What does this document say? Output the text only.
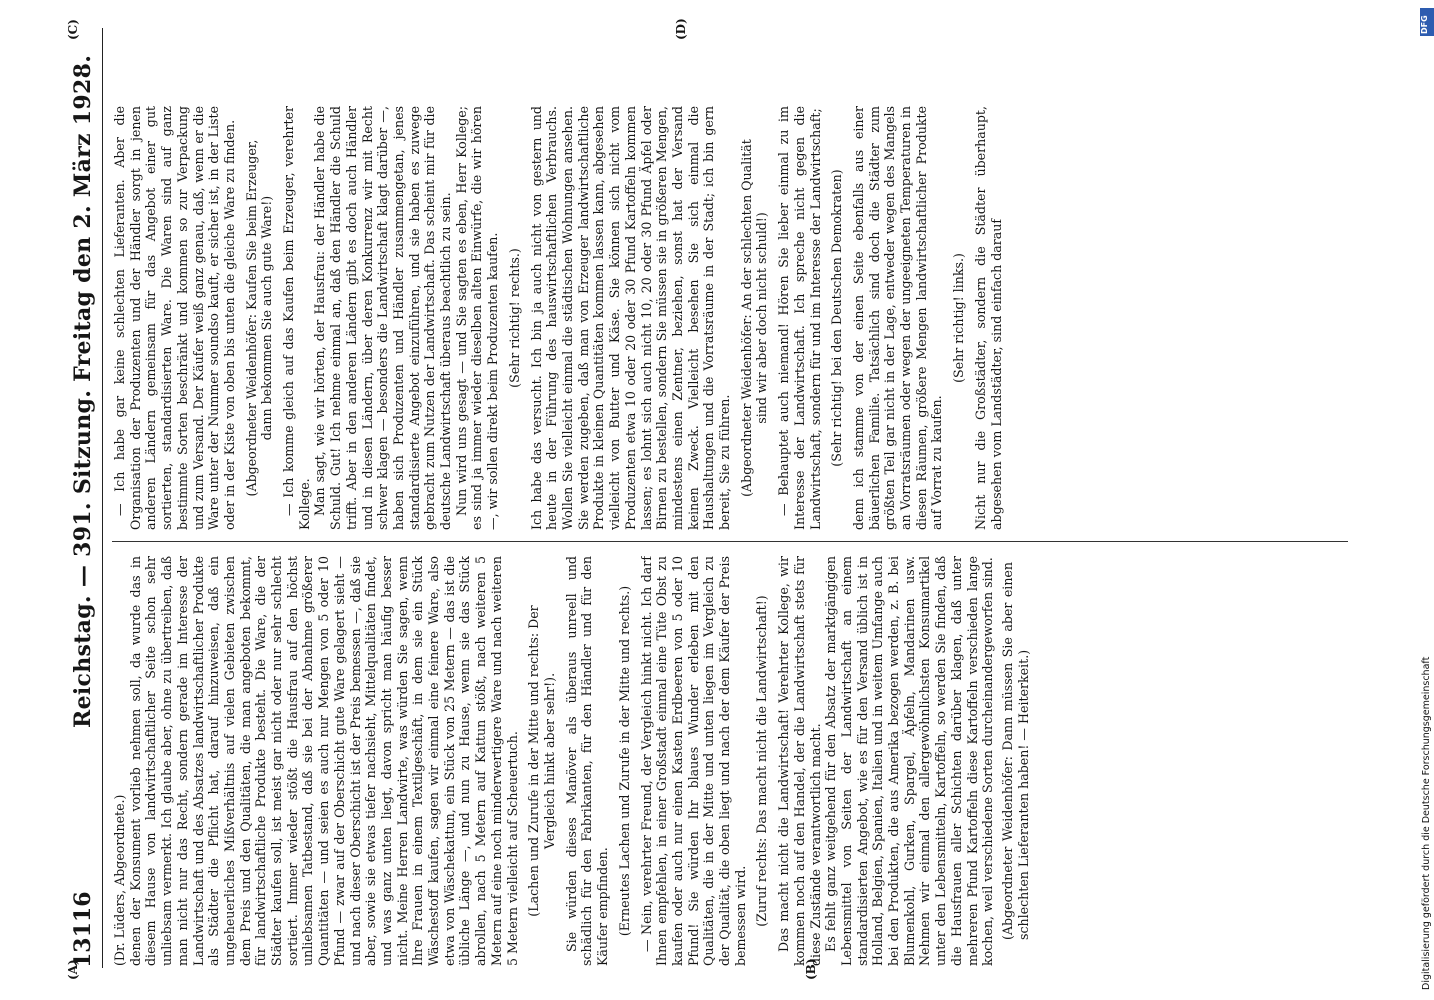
13116
Reichstag. — 391. Sitzung. Freitag den 2. März 1928.
(A)	(B)
(C)	(D)

(Dr. Lüders, Abgeordnete.) denen der Konsument vorlieb nehmen soll, da wurde das in diesem Hause von landwirtschaftlicher Seite schon sehr unliebsam vermerkt. Ich glaube aber, ohne zu übertreiben, daß man nicht nur das Recht, sondern gerade im Interesse der Landwirtschaft und des Absatzes landwirtschaftlicher Produkte als Städter die Pflicht hat, darauf hinzuweisen, daß ein ungeheuerliches Mißverhältnis auf vielen Gebieten zwischen dem Preis und den Qualitäten, die man angeboten bekommt, für landwirtschaftliche Produkte besteht. Die Ware, die der Städter kaufen soll, ist meist gar nicht oder nur sehr schlecht sortiert. Immer wieder stößt die Hausfrau auf den höchst unliebsamen Tatbestand, daß sie bei der Abnahme größerer Quantitäten — und seien es auch nur Mengen von 5 oder 10 Pfund — zwar auf der Oberschicht gute Ware gelagert sieht — und nach dieser Oberschicht ist der Preis bemessen —, daß sie aber, sowie sie etwas tiefer nachsieht, Mittelqualitäten findet, und was ganz unten liegt, davon spricht man häufig besser nicht. Meine Herren Landwirte, was würden Sie sagen, wenn Ihre Frauen in einem Textilgeschäft, in dem sie ein Stück Wäschestoff kaufen, sagen wir einmal eine feinere Ware, also etwa von Wäschekattun, ein Stück von 25 Metern — das ist die übliche Länge —, und nun zu Hause, wenn sie das Stück abrollen, nach 5 Metern auf Kattun stößt, nach weiteren 5 Metern auf eine noch minderwertigere Ware und nach weiteren 5 Metern vielleicht auf Scheuertuch. (Lachen und Zurufe in der Mitte und rechts: Der Vergleich hinkt aber sehr!). Sie würden dieses Manöver als überaus unreell und schädlich für den Fabrikanten, für den Händler und für den Käufer empfinden. (Erneutes Lachen und Zurufe in der Mitte und rechts.) — Nein, verehrter Freund, der Vergleich hinkt nicht. Ich darf Ihnen empfehlen, in einer Großstadt einmal eine Tüte Obst zu kaufen oder auch nur einen Kasten Erdbeeren von 5 oder 10 Pfund! Sie würden Ihr blaues Wunder erleben mit den Qualitäten, die in der Mitte und unten liegen im Vergleich zu der Qualität, die oben liegt und nach der dem Käufer der Preis bemessen wird. (Zuruf rechts: Das macht nicht die Landwirtschaft!) Das macht nicht die Landwirtschaft! Verehrter Kollege, wir kommen noch auf den Handel, der die Landwirtschaft stets für diese Zustände verantwortlich macht. Es fehlt ganz weitgehend für den Absatz der marktgängigen Lebensmittel von Seiten der Landwirtschaft an einem standardisierten Angebot, wie es für den Versand üblich ist in Holland, Belgien, Spanien, Italien und in weitem Umfange auch bei den Produkten, die aus Amerika bezogen werden, z. B. bei Blumenkohl, Gurken, Spargel, Äpfeln, Mandarinen usw. Nehmen wir einmal den allergewöhnlichsten Konsumartikel unter den Lebensmitteln, Kartoffeln, so werden Sie finden, daß die Hausfrauen aller Schichten darüber klagen, daß unter mehreren Pfund Kartoffeln diese Kartoffeln verschieden lange kochen, weil verschiedene Sorten durcheinandergeworfen sind. (Abgeordneter Weidenhöfer: Dann müssen Sie aber einen schlechten Lieferanten haben! — Heiterkeit.)

— Ich habe gar keine schlechten Lieferanten. Aber die Organisation der Produzenten und der Händler sorgt in jenen anderen Ländern gemeinsam für das Angebot einer gut sortierten, standardisierten Ware. Die Waren sind auf ganz bestimmte Sorten beschränkt und kommen so zur Verpackung und zum Versand. Der Käufer weiß ganz genau, daß, wenn er die Ware unter der Nummer soundso kauft, er sicher ist, in der Liste oder in der Kiste von oben bis unten die gleiche Ware zu finden. (Abgeordneter Weidenhöfer: Kaufen Sie beim Erzeuger, dann bekommen Sie auch gute Ware!) — Ich komme gleich auf das Kaufen beim Erzeuger, verehrter Kollege. Man sagt, wie wir hörten, der Hausfrau: der Händler habe die Schuld. Gut! Ich nehme einmal an, daß den Händler die Schuld trifft. Aber in den anderen Ländern gibt es doch auch Händler und in diesen Ländern, über deren Konkurrenz wir mit Recht schwer klagen — besonders die Landwirtschaft klagt darüber —, haben sich Produzenten und Händler zusammengetan, jenes standardisierte Angebot einzuführen, und sie haben es zuwege gebracht zum Nutzen der Landwirtschaft. Das scheint mir für die deutsche Landwirtschaft überaus beachtlich zu sein. Nun wird uns gesagt — und Sie sagten es eben, Herr Kollege; es sind ja immer wieder dieselben alten Einwürfe, die wir hören —, wir sollen direkt beim Produzenten kaufen. (Sehr richtig! rechts.) Ich habe das versucht. Ich bin ja auch nicht von gestern und heute in der Führung des hauswirtschaftlichen Verbrauchs. Wollen Sie vielleicht einmal die städtischen Wohnungen ansehen. Sie werden zugeben, daß man von Erzeuger landwirtschaftliche Produkte in kleinen Quantitäten kommen lassen kann, abgesehen vielleicht von Butter und Käse. Sie können sich nicht vom Produzenten etwa 10 oder 20 oder 30 Pfund Kartoffeln kommen lassen; es lohnt sich auch nicht 10, 20 oder 30 Pfund Äpfel oder Birnen zu bestellen, sondern Sie müssen sie in größeren Mengen, mindestens einen Zentner, beziehen, sonst hat der Versand keinen Zweck. Vielleicht besehen Sie sich einmal die Haushaltungen und die Vorratsräume in der Stadt; ich bin gern bereit, Sie zu führen. (Abgeordneter Weidenhöfer: An der schlechten Qualität sind wir aber doch nicht schuld!) — Behauptet auch niemand! Hören Sie lieber einmal zu im Interesse der Landwirtschaft. Ich spreche nicht gegen die Landwirtschaft, sondern für und im Interesse der Landwirtschaft; (Sehr richtig! bei den Deutschen Demokraten) denn ich stamme von der einen Seite ebenfalls aus einer bäuerlichen Familie. Tatsächlich sind doch die Städter zum größten Teil gar nicht in der Lage, entweder wegen des Mangels an Vorratsräumen oder wegen der ungeeigneten Temperaturen in diesen Räumen, größere Mengen landwirtschaftlicher Produkte auf Vorrat zu kaufen.

(Sehr richtig! links.) Nicht nur die Großstädter, sondern die Städter überhaupt, abgesehen vom Landstädter, sind einfach darauf

DFG
Digitalisierung gefördert durch die Deutsche Forschungsgemeinschaft
